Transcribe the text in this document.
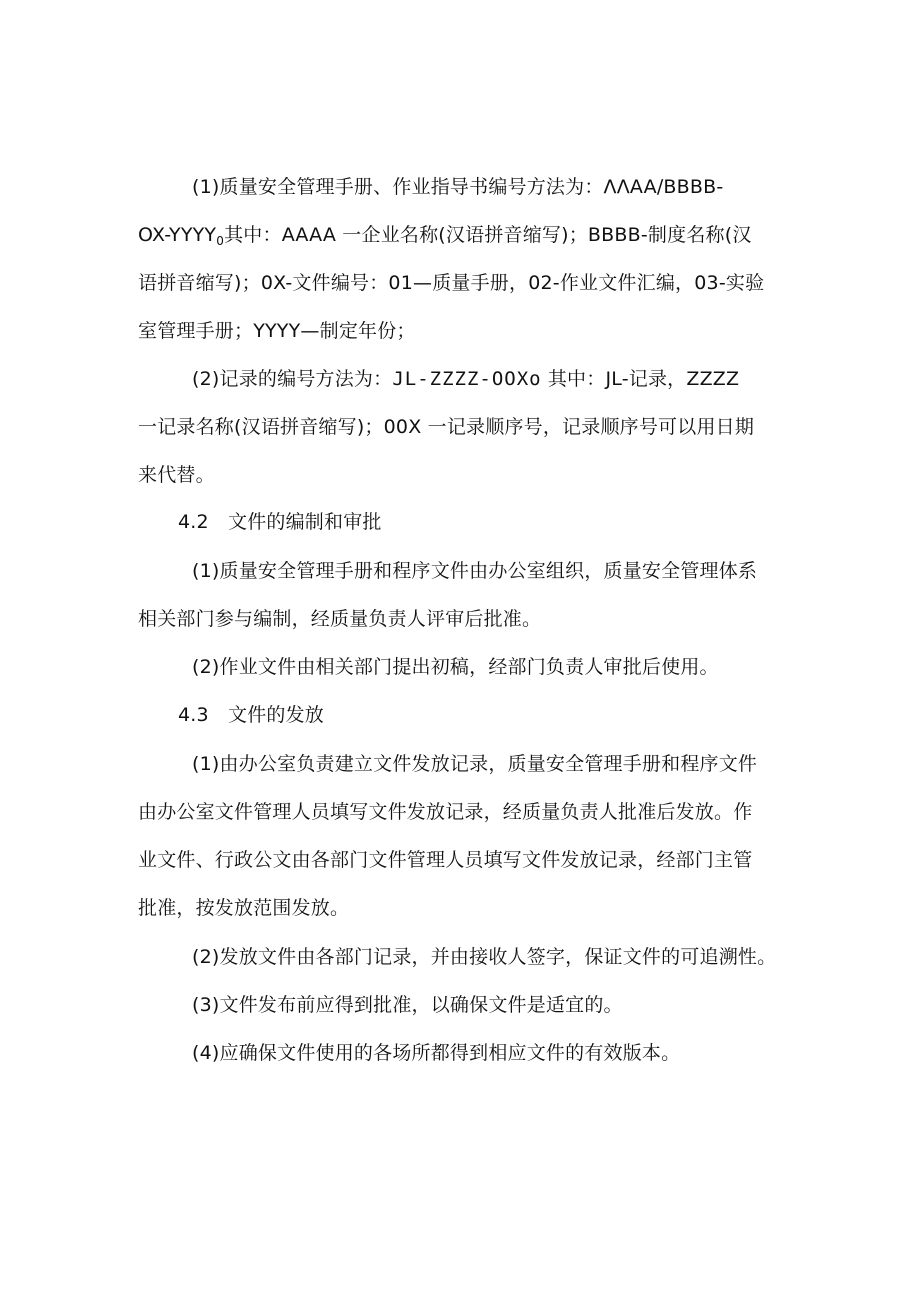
(1)质量安全管理手册、作业指导书编号方法为：ΛΛAA∕BBBB-
$OX-YYYY_0$其中：AAAA 一企业名称(汉语拼音缩写)；BBBB-制度名称(汉
语拼音缩写)；0X-文件编号：01—质量手册，02-作业文件汇编，03-实验
室管理手册；YYYY—制定年份；
(2)记录的编号方法为：JL-ZZZZ-OOXo 其中：JL-记录，ZZZZ
一记录名称(汉语拼音缩写)；00X 一记录顺序号，记录顺序号可以用日期
来代替。
4.2 文件的编制和审批
(1)质量安全管理手册和程序文件由办公室组织，质量安全管理体系
相关部门参与编制，经质量负责人评审后批准。
(2)作业文件由相关部门提出初稿，经部门负责人审批后使用。
4.3 文件的发放
(1)由办公室负责建立文件发放记录，质量安全管理手册和程序文件
由办公室文件管理人员填写文件发放记录，经质量负责人批准后发放。作
业文件、行政公文由各部门文件管理人员填写文件发放记录，经部门主管
批准，按发放范围发放。
(2)发放文件由各部门记录，并由接收人签字，保证文件的可追溯性。
(3)文件发布前应得到批准，以确保文件是适宜的。
(4)应确保文件使用的各场所都得到相应文件的有效版本。
